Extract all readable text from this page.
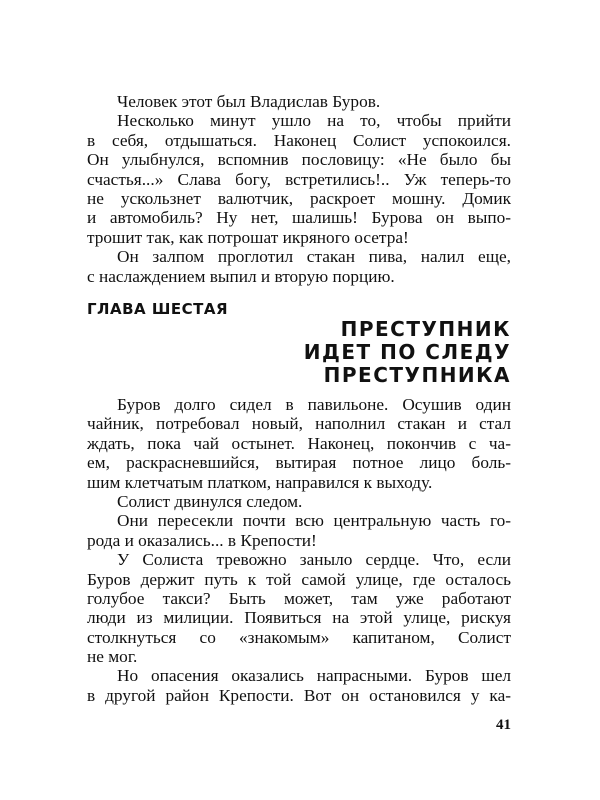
Человек этот был Владислав Буров.
Несколько минут ушло на то, чтобы прийти
в себя, отдышаться. Наконец Солист успокоился.
Он улыбнулся, вспомнив пословицу: «Не было бы
счастья...» Слава богу, встретились!.. Уж теперь-то
не ускользнет валютчик, раскроет мошну. Домик
и автомобиль? Ну нет, шалишь! Бурова он выпо-
трошит так, как потрошат икряного осетра!
Он залпом проглотил стакан пива, налил еще,
с наслаждением выпил и вторую порцию.
ГЛАВА ШЕСТАЯ
ПРЕСТУПНИК
ИДЕТ ПО СЛЕДУ
ПРЕСТУПНИКА
Буров долго сидел в павильоне. Осушив один
чайник, потребовал новый, наполнил стакан и стал
ждать, пока чай остынет. Наконец, покончив с ча-
ем, раскрасневшийся, вытирая потное лицо боль-
шим клетчатым платком, направился к выходу.
Солист двинулся следом.
Они пересекли почти всю центральную часть го-
рода и оказались... в Крепости!
У Солиста тревожно заныло сердце. Что, если
Буров держит путь к той самой улице, где осталось
голубое такси? Быть может, там уже работают
люди из милиции. Появиться на этой улице, рискуя
столкнуться со «знакомым» капитаном, Солист
не мог.
Но опасения оказались напрасными. Буров шел
в другой район Крепости. Вот он остановился у ка-
41
